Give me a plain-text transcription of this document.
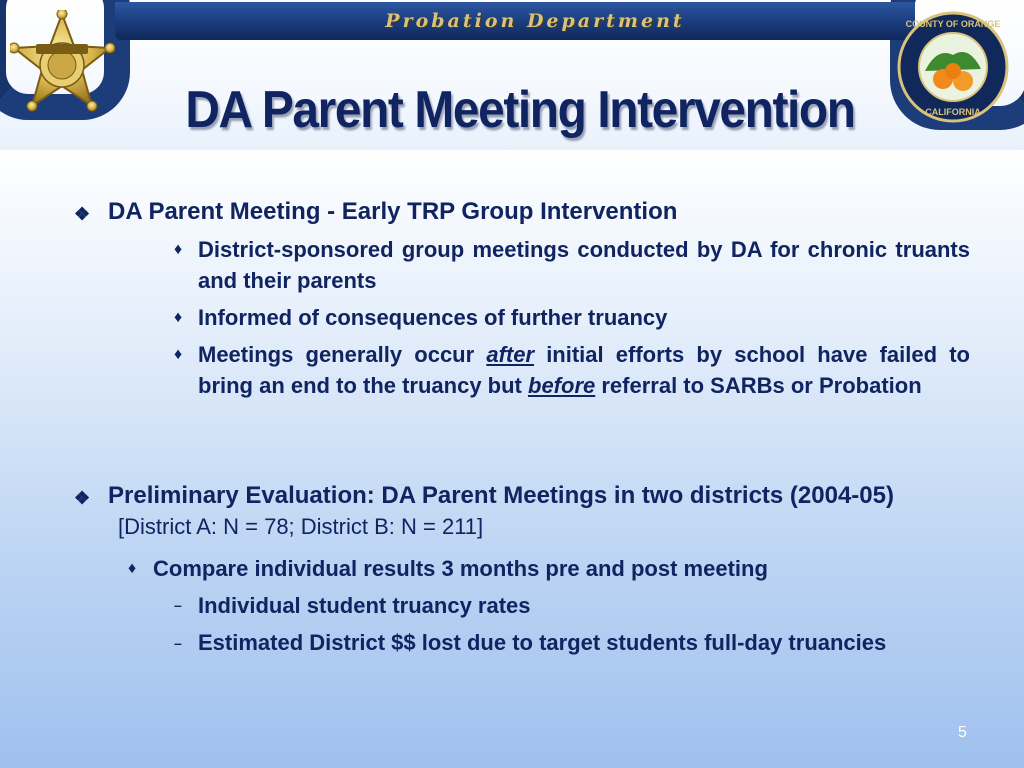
Probation Department	COUNTY OF ORANGE
CALIFORNIA
DA Parent Meeting Intervention
❖ DA Parent Meeting - Early TRP Group Intervention
♦ District-sponsored group meetings conducted by DA for chronic truants and their parents
♦ Informed of consequences of further truancy
♦ Meetings generally occur after initial efforts by school have failed to bring an end to the truancy but before referral to SARBs or Probation
❖ Preliminary Evaluation: DA Parent Meetings in two districts (2004-05) [District A: N = 78; District B: N = 211]
♦ Compare individual results 3 months pre and post meeting
– Individual student truancy rates
– Estimated District $$ lost due to target students full-day truancies
5
